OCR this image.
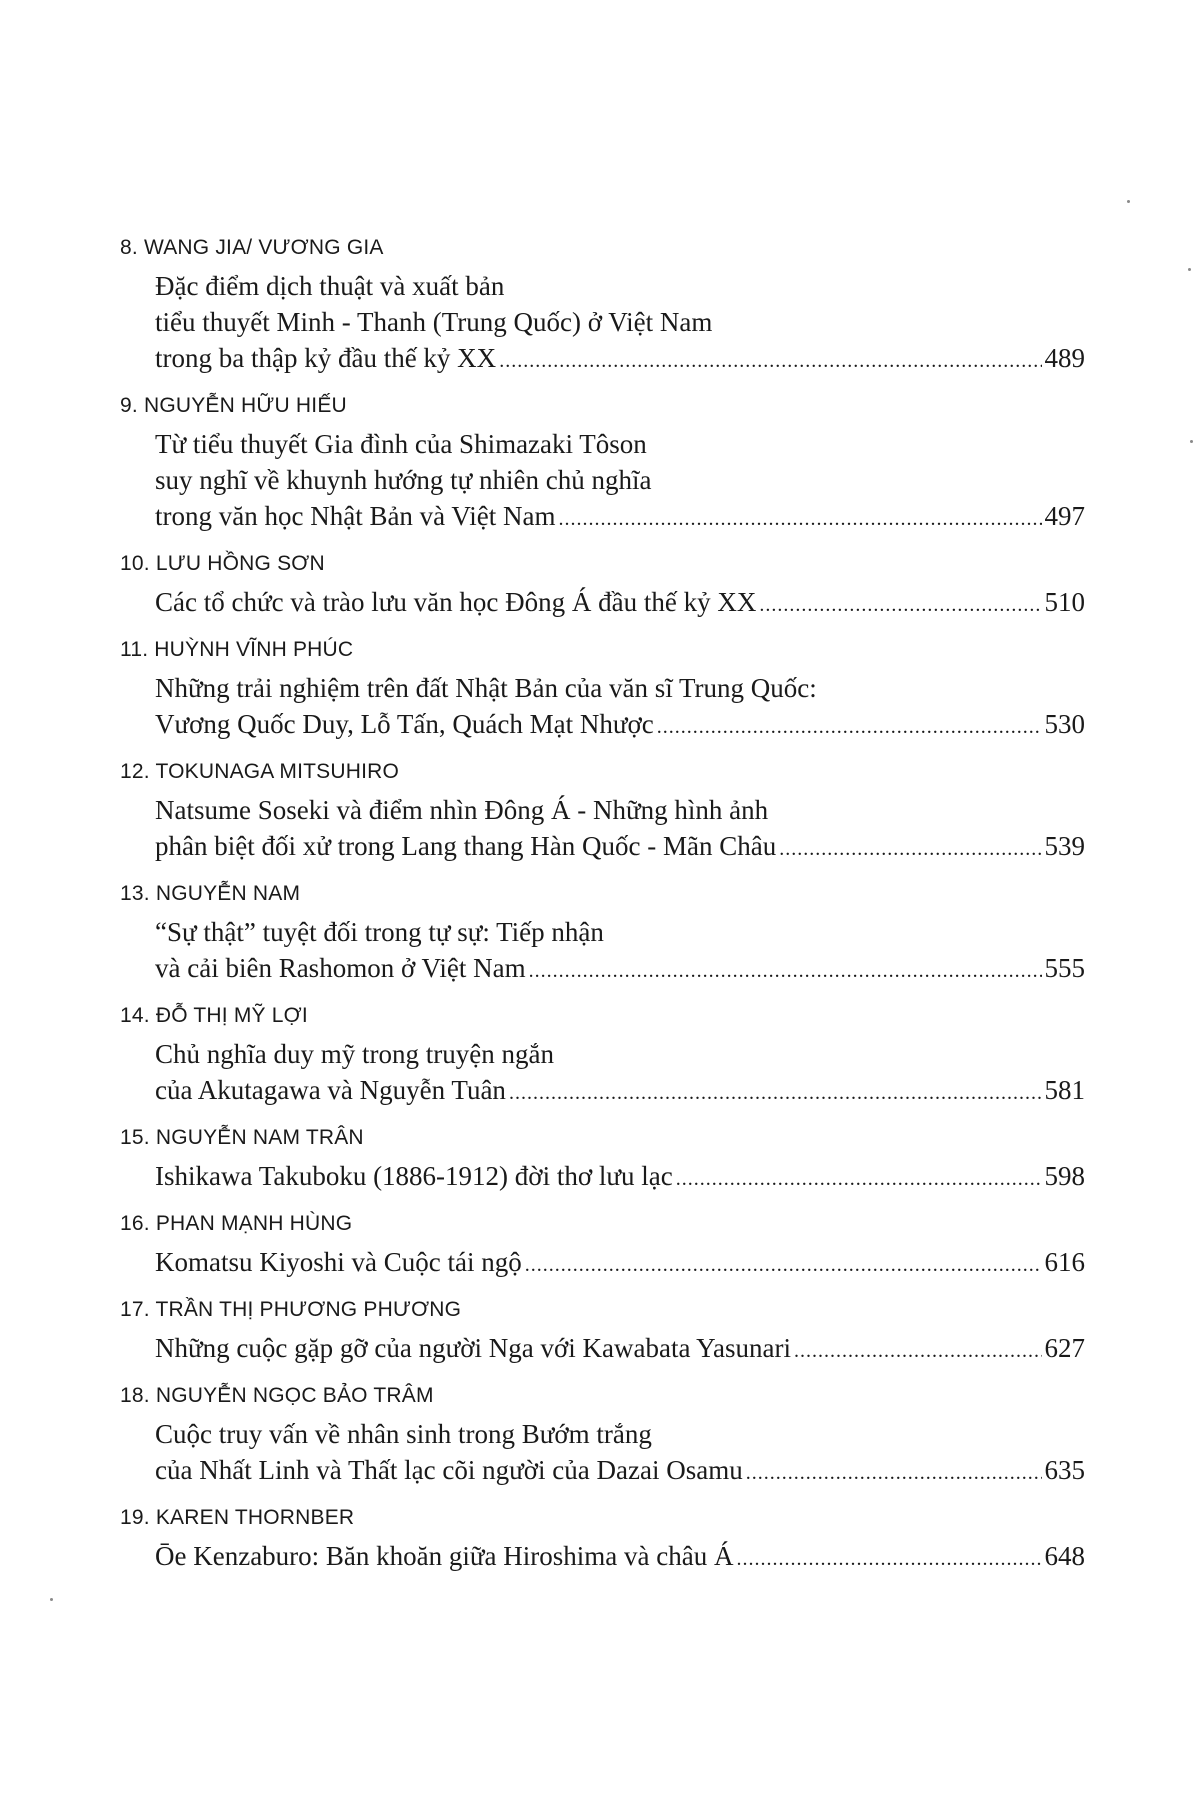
8. WANG JIA/ VƯƠNG GIA
Đặc điểm dịch thuật và xuất bản
tiểu thuyết Minh - Thanh (Trung Quốc) ở Việt Nam
trong ba thập kỷ đầu thế kỷ XX .....	489
9. NGUYỄN HỮU HIẾU
Từ tiểu thuyết Gia đình của Shimazaki Tôson
suy nghĩ về khuynh hướng tự nhiên chủ nghĩa
trong văn học Nhật Bản và Việt Nam .....	497
10. LƯU HỒNG SƠN
Các tổ chức và trào lưu văn học Đông Á đầu thế kỷ XX .....	510
11. HUỲNH VĨNH PHÚC
Những trải nghiệm trên đất Nhật Bản của văn sĩ Trung Quốc:
Vương Quốc Duy, Lỗ Tấn, Quách Mạt Nhược .....	530
12. TOKUNAGA MITSUHIRO
Natsume Soseki và điểm nhìn Đông Á - Những hình ảnh
phân biệt đối xử trong Lang thang Hàn Quốc - Mãn Châu .....	539
13. NGUYỄN NAM
“Sự thật” tuyệt đối trong tự sự: Tiếp nhận
và cải biên Rashomon ở Việt Nam .....	555
14. ĐỖ THỊ MỸ LỢI
Chủ nghĩa duy mỹ trong truyện ngắn
của Akutagawa và Nguyễn Tuân .....	581
15. NGUYỄN NAM TRÂN
Ishikawa Takuboku (1886-1912) đời thơ lưu lạc .....	598
16. PHAN MẠNH HÙNG
Komatsu Kiyoshi và Cuộc tái ngộ .....	616
17. TRẦN THỊ PHƯƠNG PHƯƠNG
Những cuộc gặp gỡ của người Nga với Kawabata Yasunari .....	627
18. NGUYỄN NGỌC BẢO TRÂM
Cuộc truy vấn về nhân sinh trong Bướm trắng
của Nhất Linh và Thất lạc cõi người của Dazai Osamu .....	635
19. KAREN THORNBER
Ōe Kenzaburo: Băn khoăn giữa Hiroshima và châu Á .....	648
